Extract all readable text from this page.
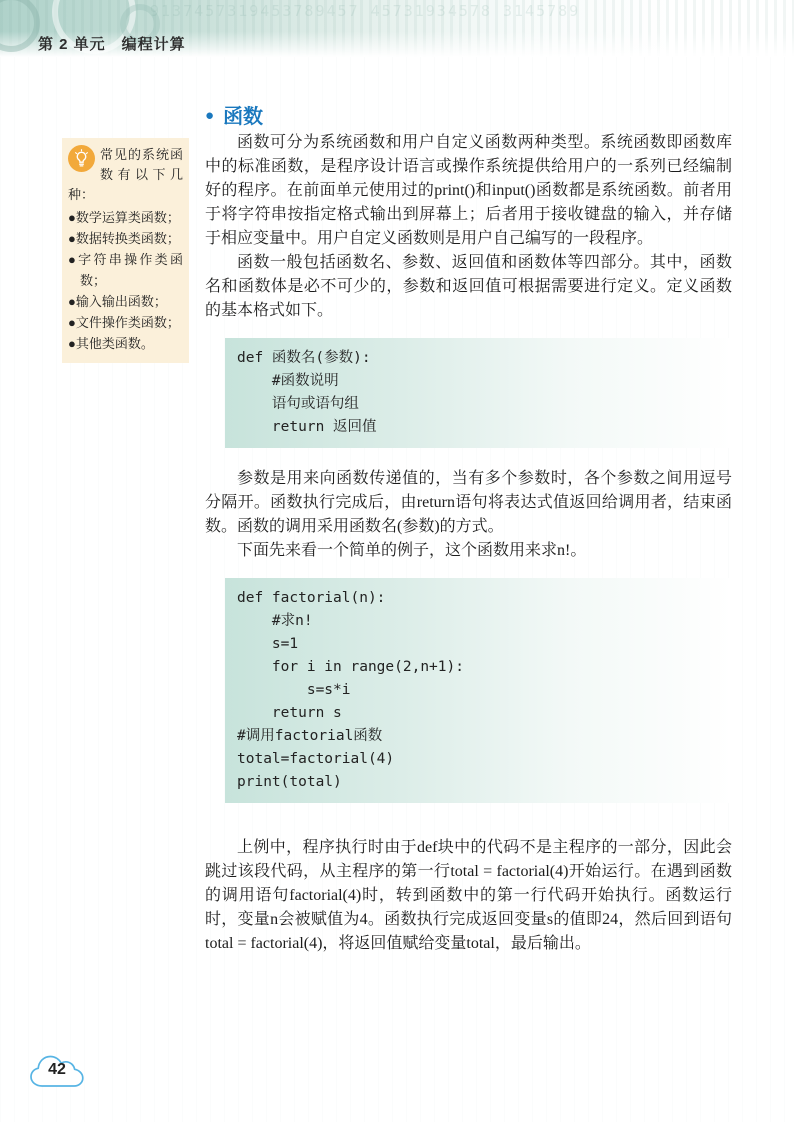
9137457319453789457 45731934578 3145789
第 2 单元　编程计算
● 函数
常见的系统函数有以下几种：
●数学运算类函数；
●数据转换类函数；
●字符串操作类函数；
●输入输出函数；
●文件操作类函数；
●其他类函数。

函数可分为系统函数和用户自定义函数两种类型。系统函数即函数库中的标准函数，是程序设计语言或操作系统提供给用户的一系列已经编制好的程序。在前面单元使用过的print()和input()函数都是系统函数。前者用于将字符串按指定格式输出到屏幕上；后者用于接收键盘的输入，并存储于相应变量中。用户自定义函数则是用户自己编写的一段程序。

函数一般包括函数名、参数、返回值和函数体等四部分。其中，函数名和函数体是必不可少的，参数和返回值可根据需要进行定义。定义函数的基本格式如下。

def 函数名(参数):
#函数说明
语句或语句组
return 返回值

参数是用来向函数传递值的，当有多个参数时，各个参数之间用逗号分隔开。函数执行完成后，由return语句将表达式值返回给调用者，结束函数。函数的调用采用函数名(参数)的方式。

下面先来看一个简单的例子，这个函数用来求n!。

def factorial(n):
#求n!
s=1
for i in range(2,n+1):
s=s*i
return s
#调用factorial函数
total=factorial(4)
print(total)

上例中，程序执行时由于def块中的代码不是主程序的一部分，因此会跳过该段代码，从主程序的第一行total = factorial(4)开始运行。在遇到函数的调用语句factorial(4)时，转到函数中的第一行代码开始执行。函数运行时，变量n会被赋值为4。函数执行完成返回变量s的值即24，然后回到语句total = factorial(4)，将返回值赋给变量total，最后输出。

42
